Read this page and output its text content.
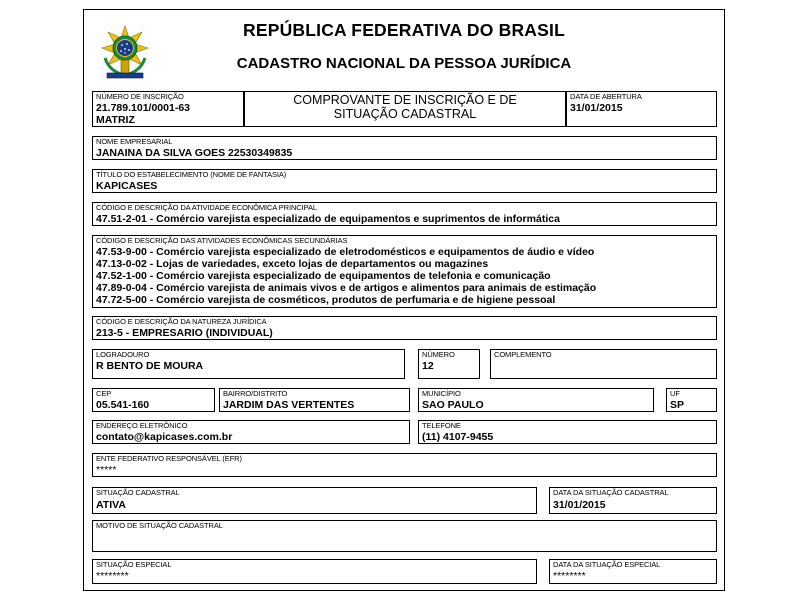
REPÚBLICA FEDERATIVA DO BRASIL
CADASTRO NACIONAL DA PESSOA JURÍDICA
NÚMERO DE INSCRIÇÃO
21.789.101/0001-63
MATRIZ
COMPROVANTE DE INSCRIÇÃO E DE
SITUAÇÃO CADASTRAL
DATA DE ABERTURA
31/01/2015
NOME EMPRESARIAL
JANAINA DA SILVA GOES 22530349835
TÍTULO DO ESTABELECIMENTO (NOME DE FANTASIA)
KAPICASES
CÓDIGO E DESCRIÇÃO DA ATIVIDADE ECONÔMICA PRINCIPAL
47.51-2-01 - Comércio varejista especializado de equipamentos e suprimentos de informática
CÓDIGO E DESCRIÇÃO DAS ATIVIDADES ECONÔMICAS SECUNDÁRIAS
47.53-9-00 - Comércio varejista especializado de eletrodomésticos e equipamentos de áudio e vídeo
47.13-0-02 - Lojas de variedades, exceto lojas de departamentos ou magazines
47.52-1-00 - Comércio varejista especializado de equipamentos de telefonia e comunicação
47.89-0-04 - Comércio varejista de animais vivos e de artigos e alimentos para animais de estimação
47.72-5-00 - Comércio varejista de cosméticos, produtos de perfumaria e de higiene pessoal
CÓDIGO E DESCRIÇÃO DA NATUREZA JURÍDICA
213-5 - EMPRESARIO (INDIVIDUAL)
LOGRADOURO
R BENTO DE MOURA
NÚMERO
12
COMPLEMENTO
CEP
05.541-160
BAIRRO/DISTRITO
JARDIM DAS VERTENTES
MUNICÍPIO
SAO PAULO
UF
SP
ENDEREÇO ELETRÔNICO
contato@kapicases.com.br
TELEFONE
(11) 4107-9455
ENTE FEDERATIVO RESPONSÁVEL (EFR)
*****
SITUAÇÃO CADASTRAL
ATIVA
DATA DA SITUAÇÃO CADASTRAL
31/01/2015
MOTIVO DE SITUAÇÃO CADASTRAL
SITUAÇÃO ESPECIAL
********
DATA DA SITUAÇÃO ESPECIAL
********
